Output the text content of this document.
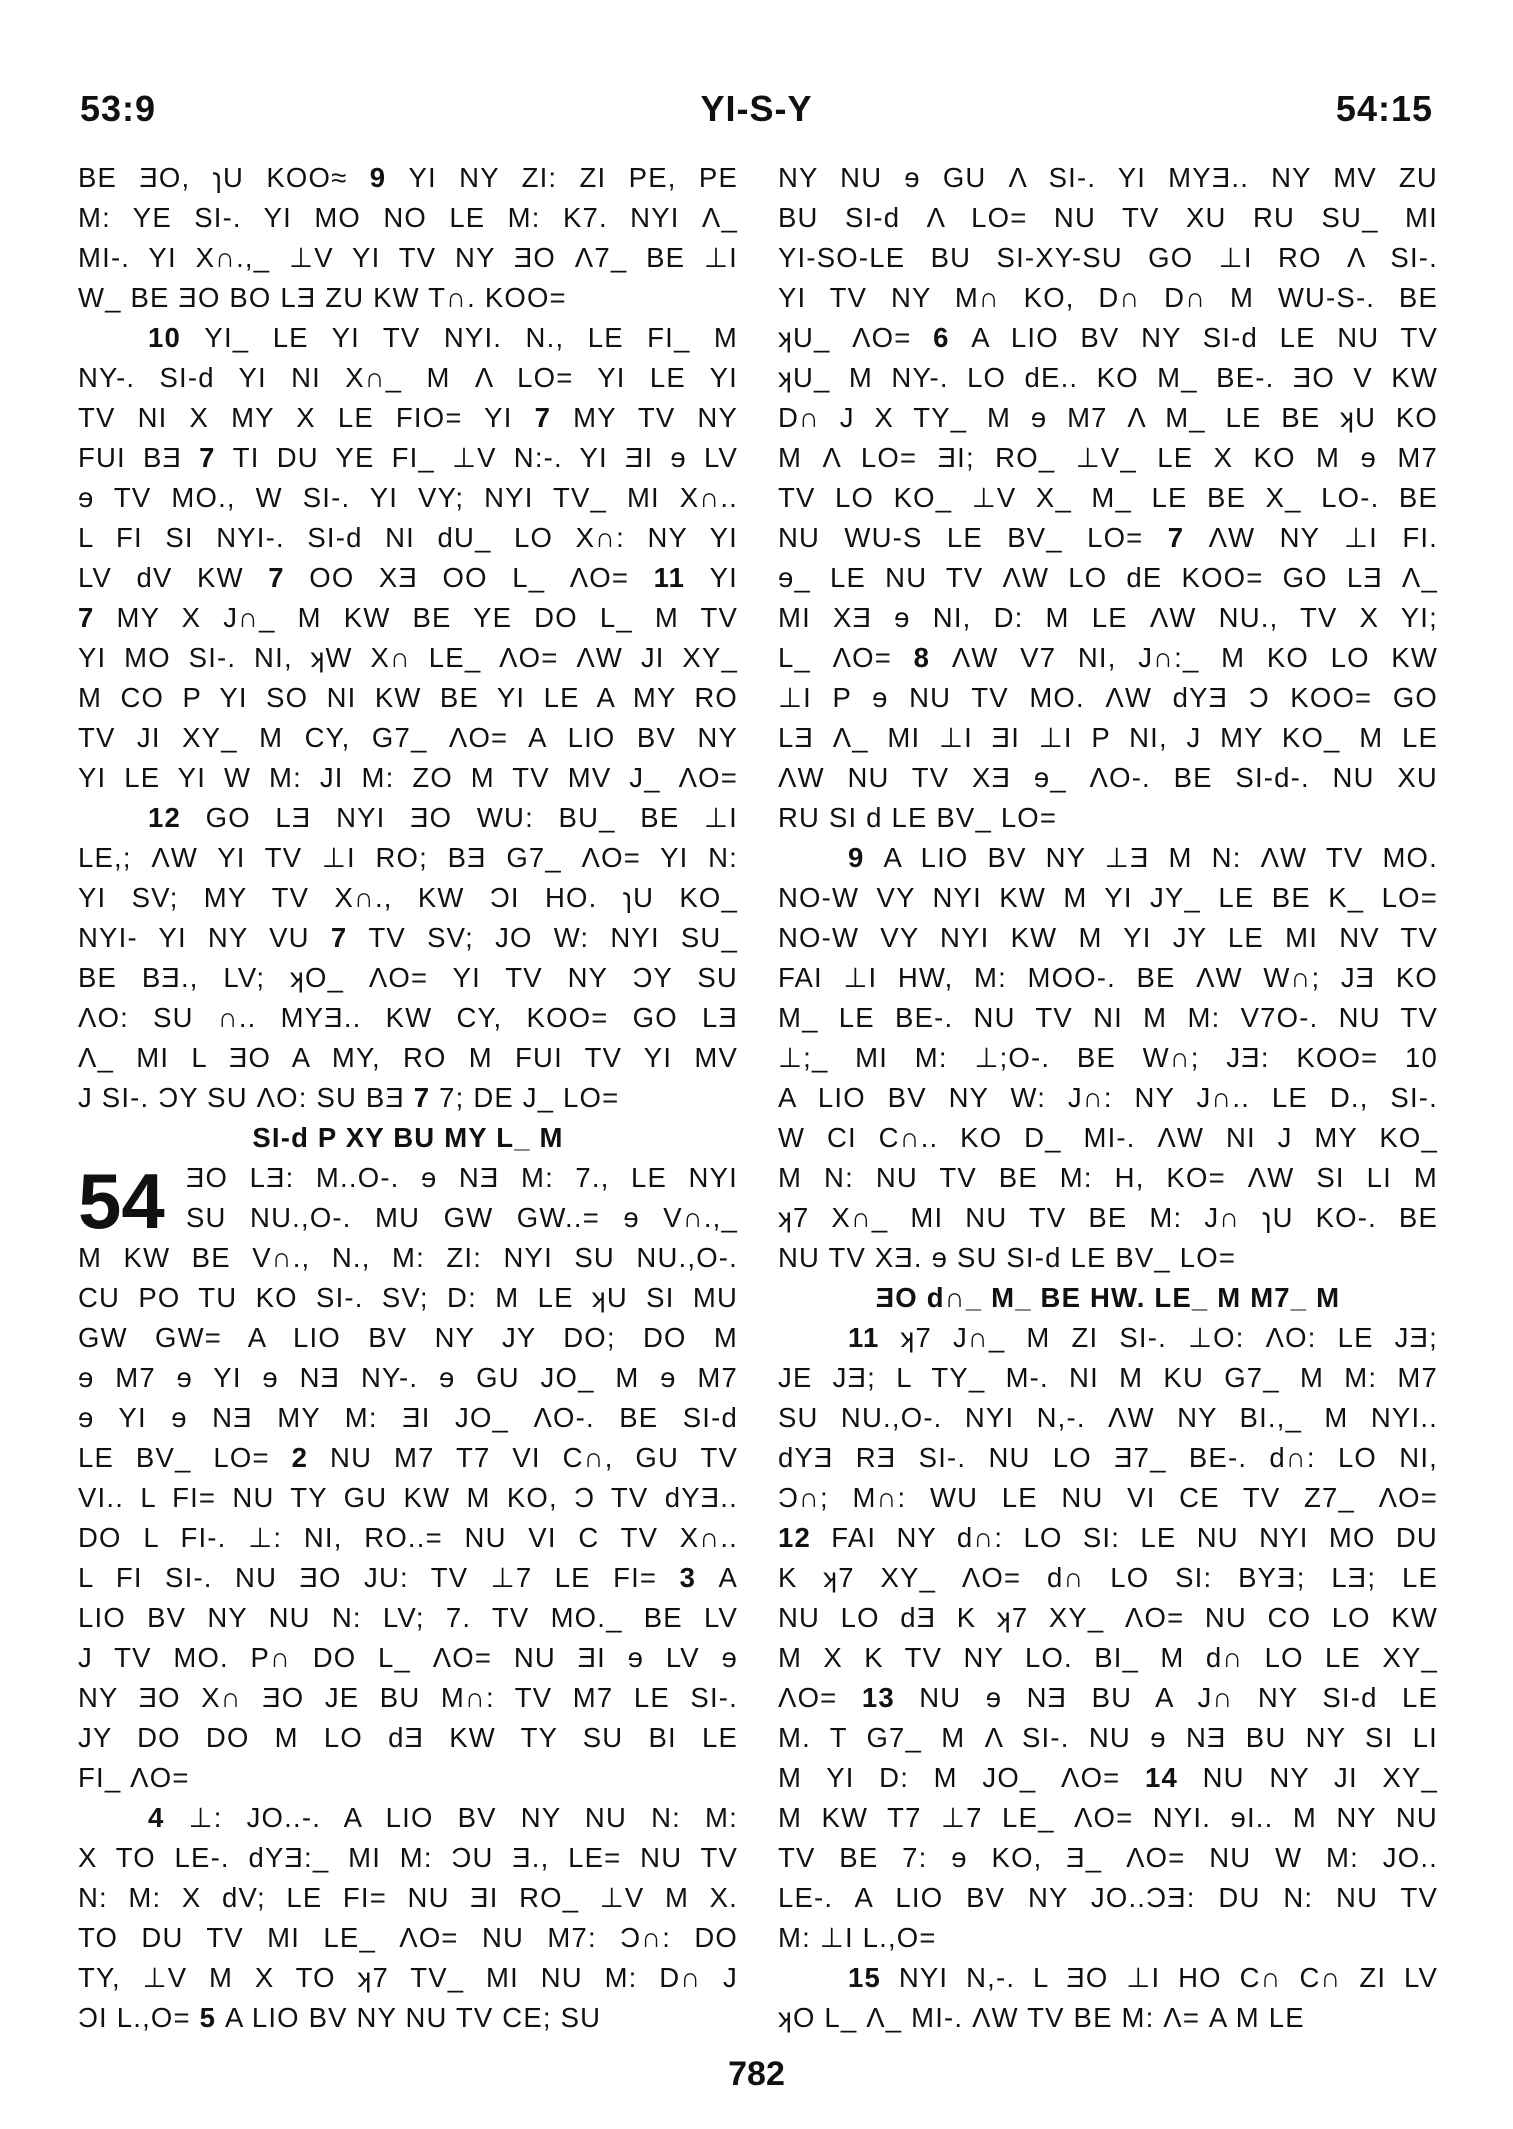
53:9	YI-S-Y	54:15
BE ƎO, ɿU KOO≈ 9 YI NY ZI: ZI PE, PE
M: YE SI-. YI MO NO LE M: K7. NYI Λ_
MI-. YI X∩.,_ ⊥V YI TV NY ƎO Λ7_ BE ⊥I
W_ BE ƎO BO LƎ ZU KW T∩. KOO=
10 YI_ LE YI TV NYI. N., LE FI_ M
NY-. SI-d YI NI X∩_ M Λ LO= YI LE YI
TV NI X MY X LE FIO= YI 7 MY TV NY
FUI BƎ 7 TI DU YE FI_ ⊥V N:-. YI ƎI ɘ LV
ɘ TV MO., W SI-. YI VY; NYI TV_ MI X∩..
L FI SI NYI-. SI-d NI dU_ LO X∩: NY YI
LV dV KW 7 OO XƎ OO L_ ΛO= 11 YI
7 MY X J∩_ M KW BE YE DO L_ M TV
YI MO SI-. NI, ʞW X∩ LE_ ΛO= ΛW JI XY_
M CO P YI SO NI KW BE YI LE A MY RO
TV JI XY_ M CY, G7_ ΛO= A LIO BV NY
YI LE YI W M: JI M: ZO M TV MV J_ ΛO=
12 GO LƎ NYI ƎO WU: BU_ BE ⊥I
LE,; ΛW YI TV ⊥I RO; BƎ G7_ ΛO= YI N:
YI SV; MY TV X∩., KW ƆI HO. ɿU KO_
NYI- YI NY VU 7 TV SV; JO W: NYI SU_
BE BƎ., LV; ʞO_ ΛO= YI TV NY ƆY SU
ΛO: SU ∩.. MYƎ.. KW CY, KOO= GO LƎ
Λ_ MI L ƎO A MY, RO M FUI TV YI MV
J SI-. ƆY SU ΛO: SU BƎ 7 7; DE J_ LO=
SI-d P XY BU MY L_ M
54 ƎO LƎ: M..O-. ɘ NƎ M: 7., LE NYI
SU NU.,O-. MU GW GW..= ɘ V∩.,_
M KW BE V∩., N., M: ZI: NYI SU NU.,O-.
CU PO TU KO SI-. SV; D: M LE ʞU SI MU
GW GW= A LIO BV NY JY DO; DO M
ɘ M7 ɘ YI ɘ NƎ NY-. ɘ GU JO_ M ɘ M7
ɘ YI ɘ NƎ MY M: ƎI JO_ ΛO-. BE SI-d
LE BV_ LO= 2 NU M7 T7 VI C∩, GU TV
VI.. L FI= NU TY GU KW M KO, Ɔ TV dYƎ..
DO L FI-. ⊥: NI, RO..= NU VI C TV X∩..
L FI SI-. NU ƎO JU: TV ⊥7 LE FI= 3 A
LIO BV NY NU N: LV; 7. TV MO._ BE LV
J TV MO. P∩ DO L_ ΛO= NU ƎI ɘ LV ɘ
NY ƎO X∩ ƎO JE BU M∩: TV M7 LE SI-.
JY DO DO M LO dƎ KW TY SU BI LE
FI_ ΛO=
4 ⊥: JO..-. A LIO BV NY NU N: M:
X TO LE-. dYƎ:_ MI M: ƆU Ǝ., LE= NU TV
N: M: X dV; LE FI= NU ƎI RO_ ⊥V M X.
TO DU TV MI LE_ ΛO= NU M7: Ɔ∩: DO
TY, ⊥V M X TO ʞ7 TV_ MI NU M: D∩ J
ƆI L.,O= 5 A LIO BV NY NU TV CE; SU
NY NU ɘ GU Λ SI-. YI MYƎ.. NY MV ZU
BU SI-d Λ LO= NU TV XU RU SU_ MI
YI-SO-LE BU SI-XY-SU GO ⊥I RO Λ SI-.
YI TV NY M∩ KO, D∩ D∩ M WU-S-. BE
ʞU_ ΛO= 6 A LIO BV NY SI-d LE NU TV
ʞU_ M NY-. LO dE.. KO M_ BE-. ƎO V KW
D∩ J X TY_ M ɘ M7 Λ M_ LE BE ʞU KO
M Λ LO= ƎI; RO_ ⊥V_ LE X KO M ɘ M7
TV LO KO_ ⊥V X_ M_ LE BE X_ LO-. BE
NU WU-S LE BV_ LO= 7 ΛW NY ⊥I FI.
ɘ_ LE NU TV ΛW LO dE KOO= GO LƎ Λ_
MI XƎ ɘ NI, D: M LE ΛW NU., TV X YI;
L_ ΛO= 8 ΛW V7 NI, J∩:_ M KO LO KW
⊥I P ɘ NU TV MO. ΛW dYƎ Ɔ KOO= GO
LƎ Λ_ MI ⊥I ƎI ⊥I P NI, J MY KO_ M LE
ΛW NU TV XƎ ɘ_ ΛO-. BE SI-d-. NU XU
RU SI d LE BV_ LO=
9 A LIO BV NY ⊥Ǝ M N: ΛW TV MO.
NO-W VY NYI KW M YI JY_ LE BE K_ LO=
NO-W VY NYI KW M YI JY LE MI NV TV
FAI ⊥I HW, M: MOO-. BE ΛW W∩; JƎ KO
M_ LE BE-. NU TV NI M M: V7O-. NU TV
⊥;_ MI M: ⊥;O-. BE W∩; JƎ: KOO= 10
A LIO BV NY W: J∩: NY J∩.. LE D., SI-.
W CI C∩.. KO D_ MI-. ΛW NI J MY KO_
M N: NU TV BE M: H, KO= ΛW SI LI M
ʞ7 X∩_ MI NU TV BE M: J∩ ɿU KO-. BE
NU TV XƎ. ɘ SU SI-d LE BV_ LO=
ƎO d∩_ M_ BE HW. LE_ M M7_ M
11 ʞ7 J∩_ M ZI SI-. ⊥O: ΛO: LE JƎ;
JE JƎ; L TY_ M-. NI M KU G7_ M M: M7
SU NU.,O-. NYI N,-. ΛW NY BI.,_ M NYI..
dYƎ RƎ SI-. NU LO Ǝ7_ BE-. d∩: LO NI,
Ɔ∩; M∩: WU LE NU VI CE TV Z7_ ΛO=
12 FAI NY d∩: LO SI: LE NU NYI MO DU
K ʞ7 XY_ ΛO= d∩ LO SI: BYƎ; LƎ; LE
NU LO dƎ K ʞ7 XY_ ΛO= NU CO LO KW
M X K TV NY LO. BI_ M d∩ LO LE XY_
ΛO= 13 NU ɘ NƎ BU A J∩ NY SI-d LE
M. T G7_ M Λ SI-. NU ɘ NƎ BU NY SI LI
M YI D: M JO_ ΛO= 14 NU NY JI XY_
M KW T7 ⊥7 LE_ ΛO= NYI. ɘI.. M NY NU
TV BE 7: ɘ KO, Ǝ_ ΛO= NU W M: JO..
LE-. A LIO BV NY JO..ƆƎ: DU N: NU TV
M: ⊥I L.,O=
15 NYI N,-. L ƎO ⊥I HO C∩ C∩ ZI LV
ʞO L_ Λ_ MI-. ΛW TV BE M: Λ= A M LE
782
